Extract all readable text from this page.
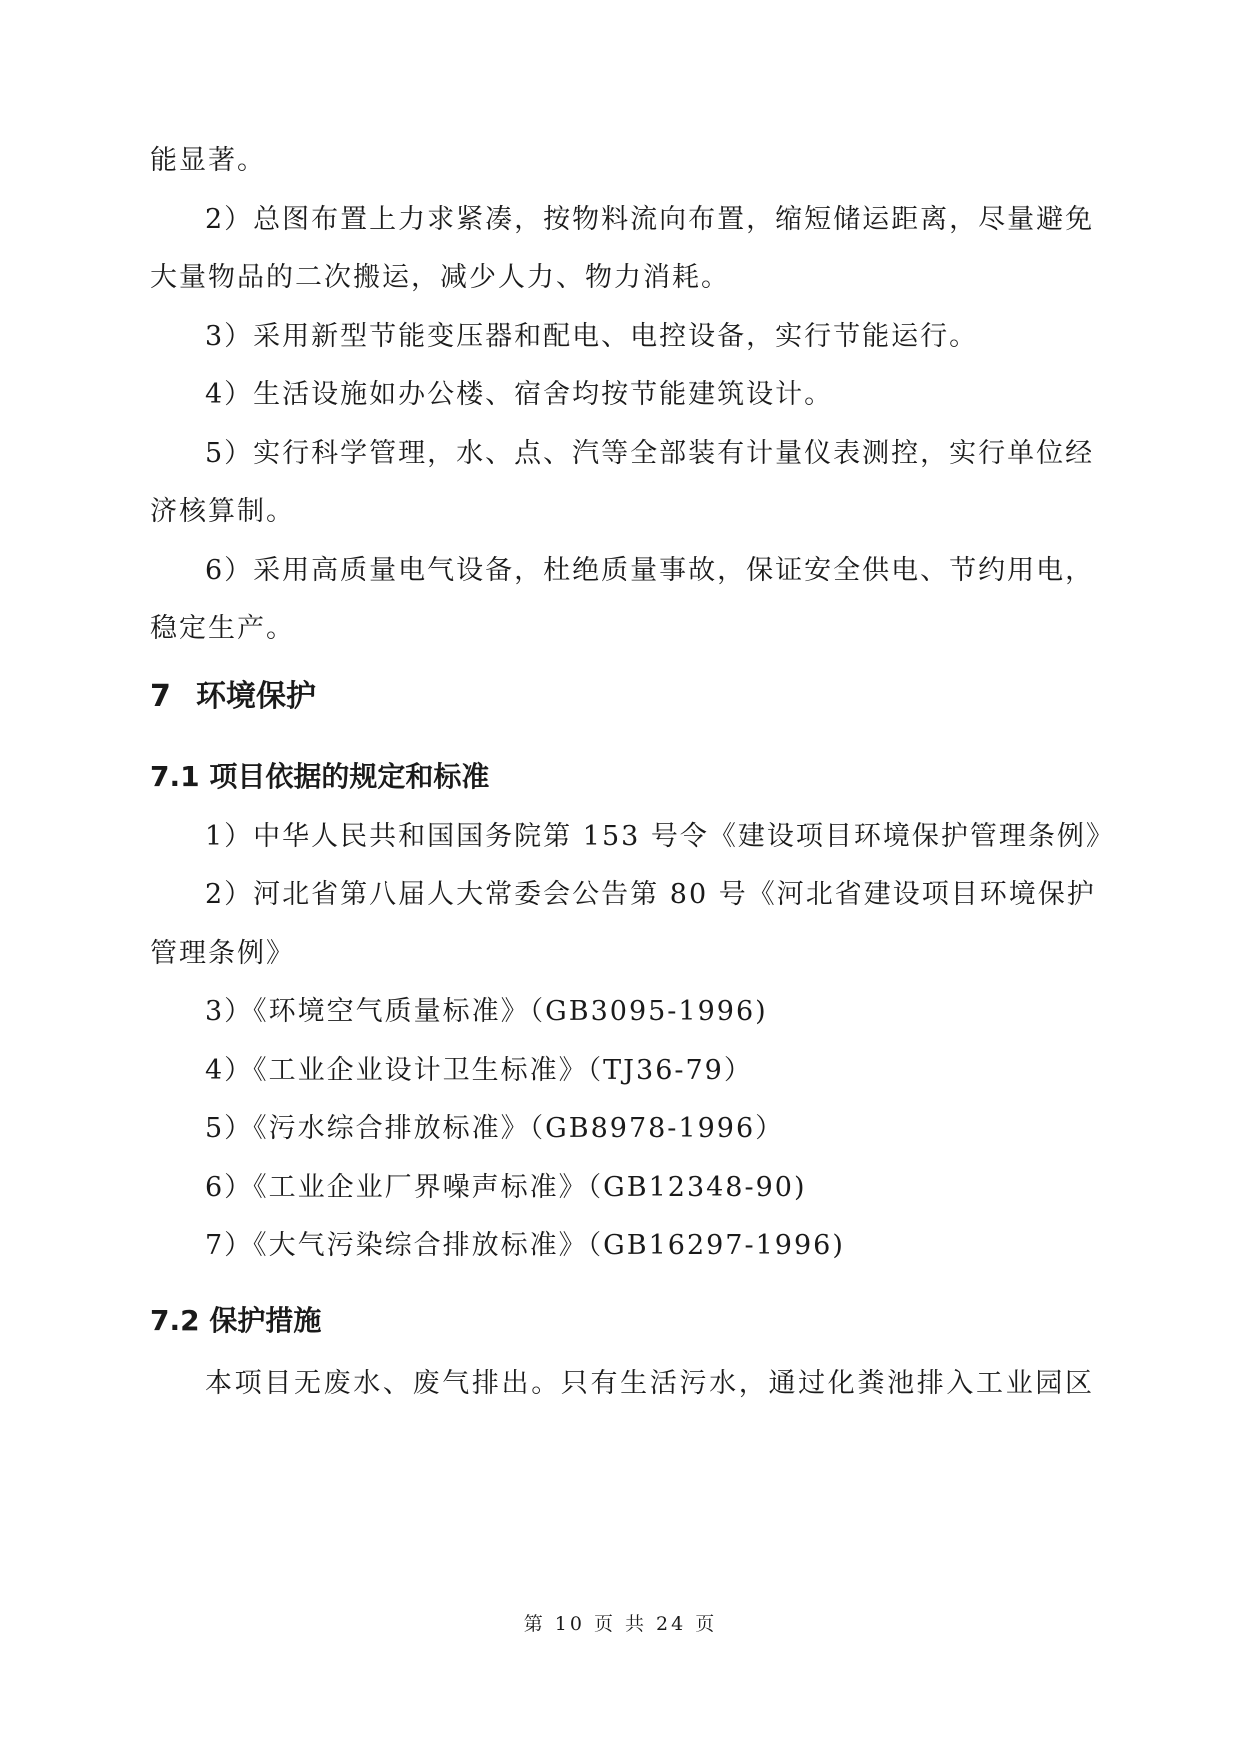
能显著。
2）总图布置上力求紧凑，按物料流向布置，缩短储运距离，尽量避免
大量物品的二次搬运，减少人力、物力消耗。
3）采用新型节能变压器和配电、电控设备，实行节能运行。
4）生活设施如办公楼、宿舍均按节能建筑设计。
5）实行科学管理，水、点、汽等全部装有计量仪表测控，实行单位经
济核算制。
6）采用高质量电气设备，杜绝质量事故，保证安全供电、节约用电，
稳定生产。
7 环境保护
7.1 项目依据的规定和标准
1）中华人民共和国国务院第 153 号令《建设项目环境保护管理条例》
2）河北省第八届人大常委会公告第 80 号《河北省建设项目环境保护
管理条例》
3）《环境空气质量标准》（GB3095-1996)
4）《工业企业设计卫生标准》（TJ36-79）
5）《污水综合排放标准》（GB8978-1996）
6）《工业企业厂界噪声标准》（GB12348-90)
7）《大气污染综合排放标准》（GB16297-1996)
7.2 保护措施
本项目无废水、废气排出。只有生活污水，通过化粪池排入工业园区
第 10 页 共 24 页
